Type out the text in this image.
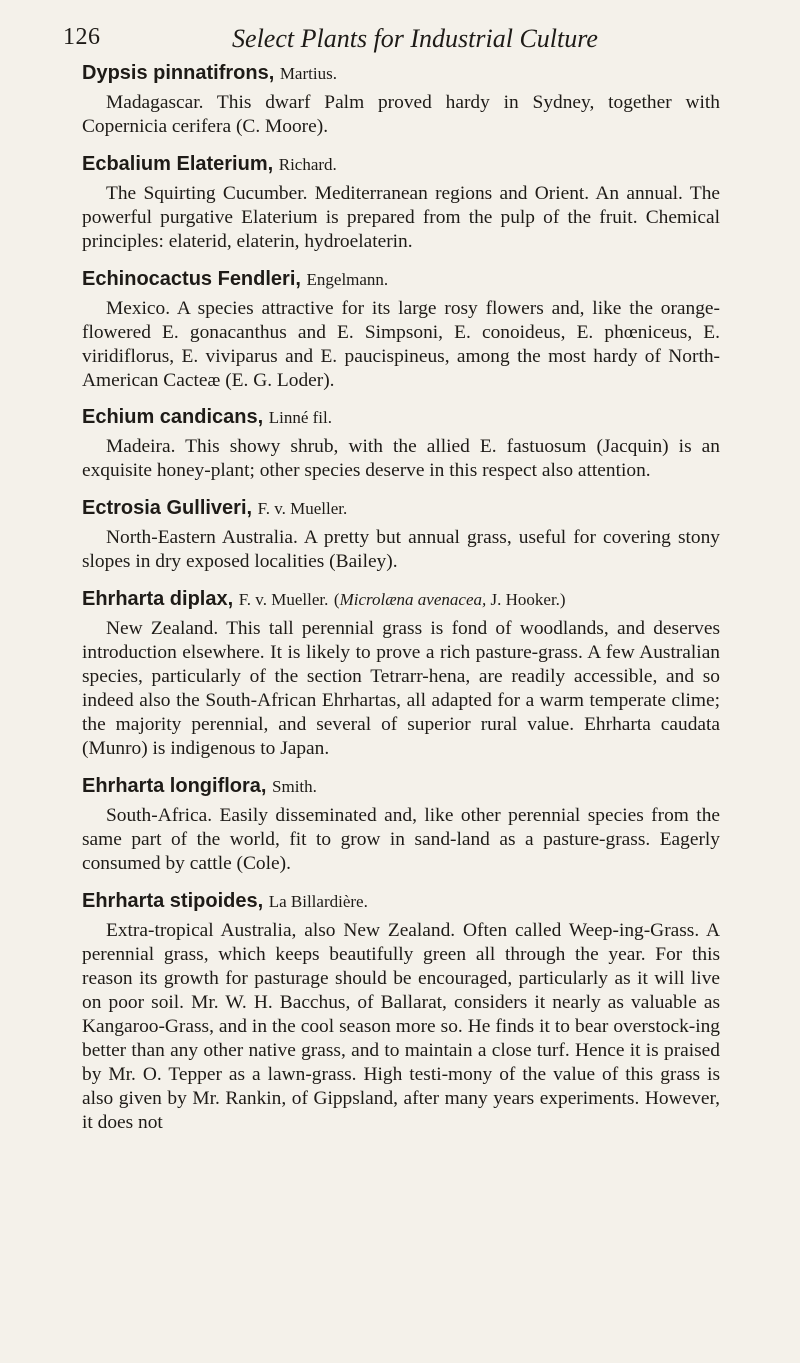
126	Select Plants for Industrial Culture

Dypsis pinnatifrons, Martius.

Madagascar. This dwarf Palm proved hardy in Sydney, together with Copernicia cerifera (C. Moore).

Ecbalium Elaterium, Richard.

The Squirting Cucumber. Mediterranean regions and Orient. An annual. The powerful purgative Elaterium is prepared from the pulp of the fruit. Chemical principles: elaterid, elaterin, hydroelaterin.

Echinocactus Fendleri, Engelmann.

Mexico. A species attractive for its large rosy flowers and, like the orange-flowered E. gonacanthus and E. Simpsoni, E. conoideus, E. phœniceus, E. viridiflorus, E. viviparus and E. paucispineus, among the most hardy of North-American Cacteæ (E. G. Loder).

Echium candicans, Linné fil.

Madeira. This showy shrub, with the allied E. fastuosum (Jacquin) is an exquisite honey-plant; other species deserve in this respect also attention.

Ectrosia Gulliveri, F. v. Mueller.

North-Eastern Australia. A pretty but annual grass, useful for covering stony slopes in dry exposed localities (Bailey).

Ehrharta diplax, F. v. Mueller. (Microlæna avenacea, J. Hooker.)

New Zealand. This tall perennial grass is fond of woodlands, and deserves introduction elsewhere. It is likely to prove a rich pasture-grass. A few Australian species, particularly of the section Tetrarr-hena, are readily accessible, and so indeed also the South-African Ehrhartas, all adapted for a warm temperate clime; the majority perennial, and several of superior rural value. Ehrharta caudata (Munro) is indigenous to Japan.

Ehrharta longiflora, Smith.

South-Africa. Easily disseminated and, like other perennial species from the same part of the world, fit to grow in sand-land as a pasture-grass. Eagerly consumed by cattle (Cole).

Ehrharta stipoides, La Billardière.

Extra-tropical Australia, also New Zealand. Often called Weep-ing-Grass. A perennial grass, which keeps beautifully green all through the year. For this reason its growth for pasturage should be encouraged, particularly as it will live on poor soil. Mr. W. H. Bacchus, of Ballarat, considers it nearly as valuable as Kangaroo-Grass, and in the cool season more so. He finds it to bear overstock-ing better than any other native grass, and to maintain a close turf. Hence it is praised by Mr. O. Tepper as a lawn-grass. High testi-mony of the value of this grass is also given by Mr. Rankin, of Gippsland, after many years experiments. However, it does not
